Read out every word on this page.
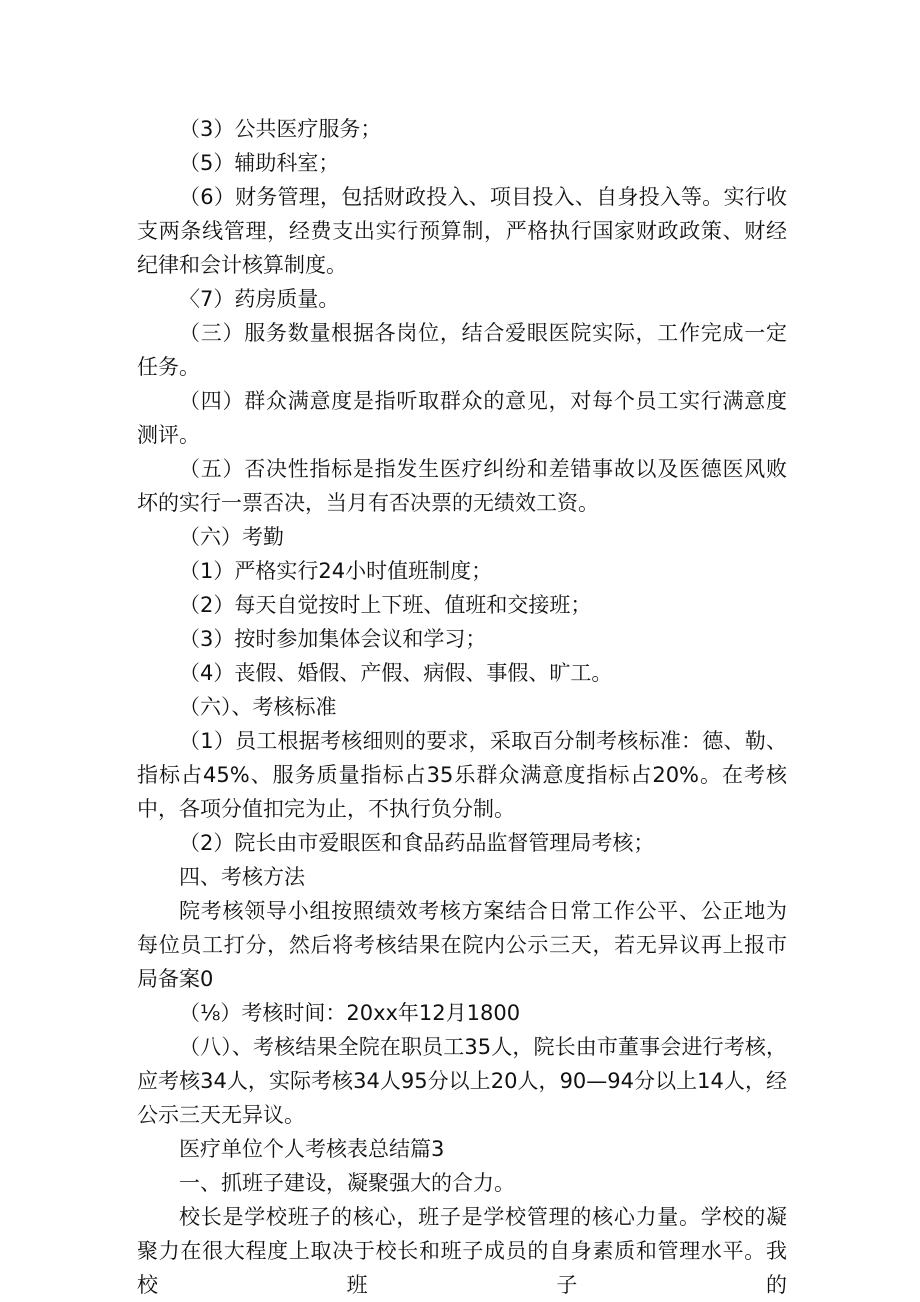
（3）公共医疗服务；

（5）辅助科室；

（6）财务管理，包括财政投入、项目投入、自身投入等。实行收支两条线管理，经费支出实行预算制，严格执行国家财政政策、财经纪律和会计核算制度。

〈7）药房质量。

（三）服务数量根据各岗位，结合爱眼医院实际，工作完成一定任务。

（四）群众满意度是指听取群众的意见，对每个员工实行满意度测评。

（五）否决性指标是指发生医疗纠纷和差错事故以及医德医风败坏的实行一票否决，当月有否决票的无绩效工资。

（六）考勤

（1）严格实行24小时值班制度；

（2）每天自觉按时上下班、值班和交接班；

（3）按时参加集体会议和学习；

（4）丧假、婚假、产假、病假、事假、旷工。

（六）、考核标准

（1）员工根据考核细则的要求，采取百分制考核标准：德、勒、指标占45%、服务质量指标占35乐群众满意度指标占20%。在考核中，各项分值扣完为止，不执行负分制。

（2）院长由市爱眼医和食品药品监督管理局考核；

四、考核方法

院考核领导小组按照绩效考核方案结合日常工作公平、公正地为每位员工打分，然后将考核结果在院内公示三天，若无异议再上报市局备案0

（⅛）考核时间：20xx年12月1800

（八）、考核结果全院在职员工35人，院长由市董事会进行考核，应考核34人，实际考核34人95分以上20人，90—94分以上14人，经公示三天无异议。

医疗单位个人考核表总结篇3

一、抓班子建设，凝聚强大的合力。

校长是学校班子的核心，班子是学校管理的核心力量。学校的凝聚力在很大程度上取决于校长和班子成员的自身素质和管理水平。我校班子的
